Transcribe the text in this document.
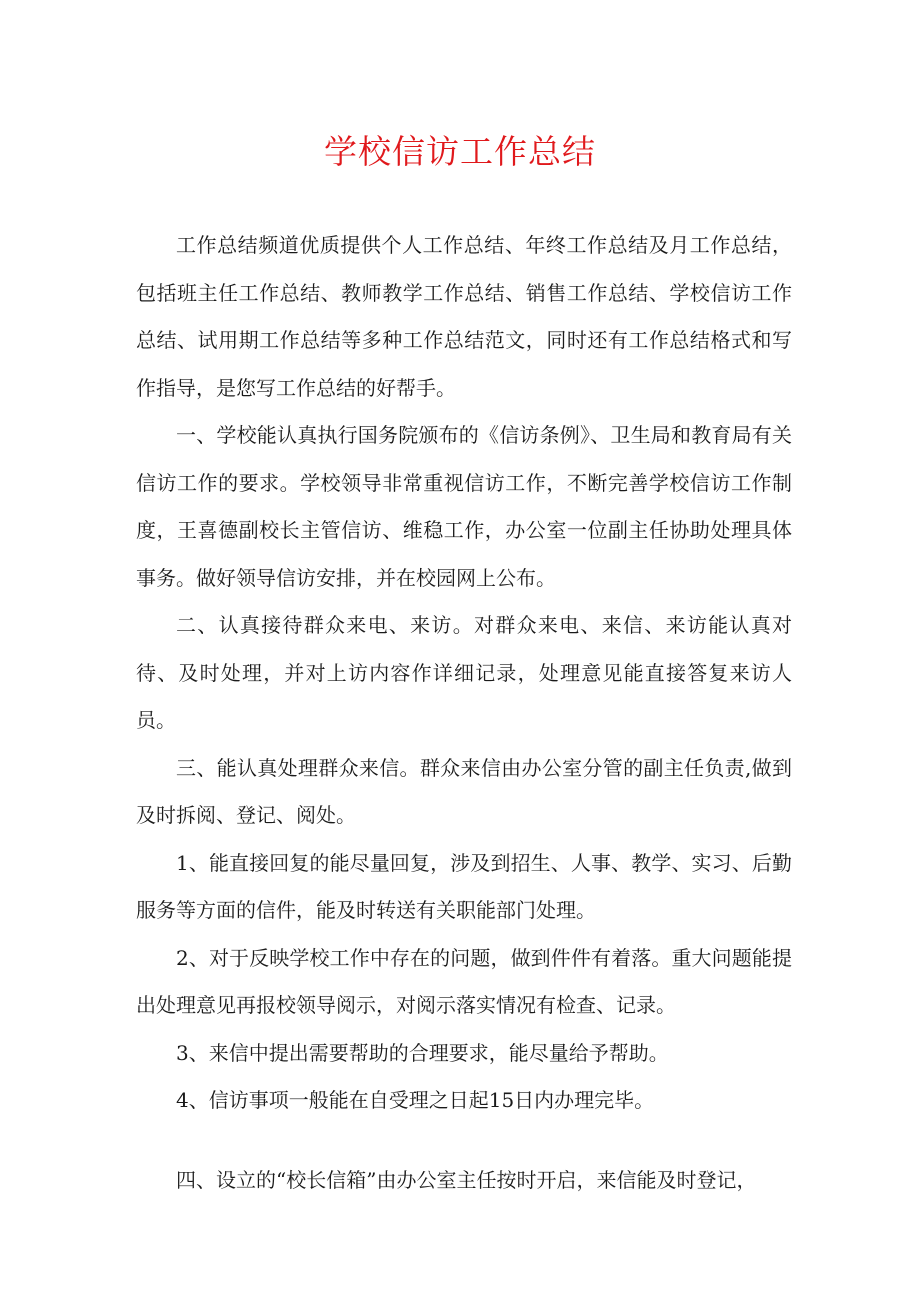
学校信访工作总结

工作总结频道优质提供个人工作总结、年终工作总结及月工作总结，包括班主任工作总结、教师教学工作总结、销售工作总结、学校信访工作总结、试用期工作总结等多种工作总结范文，同时还有工作总结格式和写作指导，是您写工作总结的好帮手。

一、学校能认真执行国务院颁布的《信访条例》、卫生局和教育局有关信访工作的要求。学校领导非常重视信访工作，不断完善学校信访工作制度，王喜德副校长主管信访、维稳工作，办公室一位副主任协助处理具体事务。做好领导信访安排，并在校园网上公布。

二、认真接待群众来电、来访。对群众来电、来信、来访能认真对待、及时处理，并对上访内容作详细记录，处理意见能直接答复来访人员。

三、能认真处理群众来信。群众来信由办公室分管的副主任负责,做到及时拆阅、登记、阅处。

1、能直接回复的能尽量回复，涉及到招生、人事、教学、实习、后勤服务等方面的信件，能及时转送有关职能部门处理。

2、对于反映学校工作中存在的问题，做到件件有着落。重大问题能提出处理意见再报校领导阅示，对阅示落实情况有检查、记录。

3、来信中提出需要帮助的合理要求，能尽量给予帮助。

4、信访事项一般能在自受理之日起15日内办理完毕。

四、设立的“校长信箱”由办公室主任按时开启，来信能及时登记，
